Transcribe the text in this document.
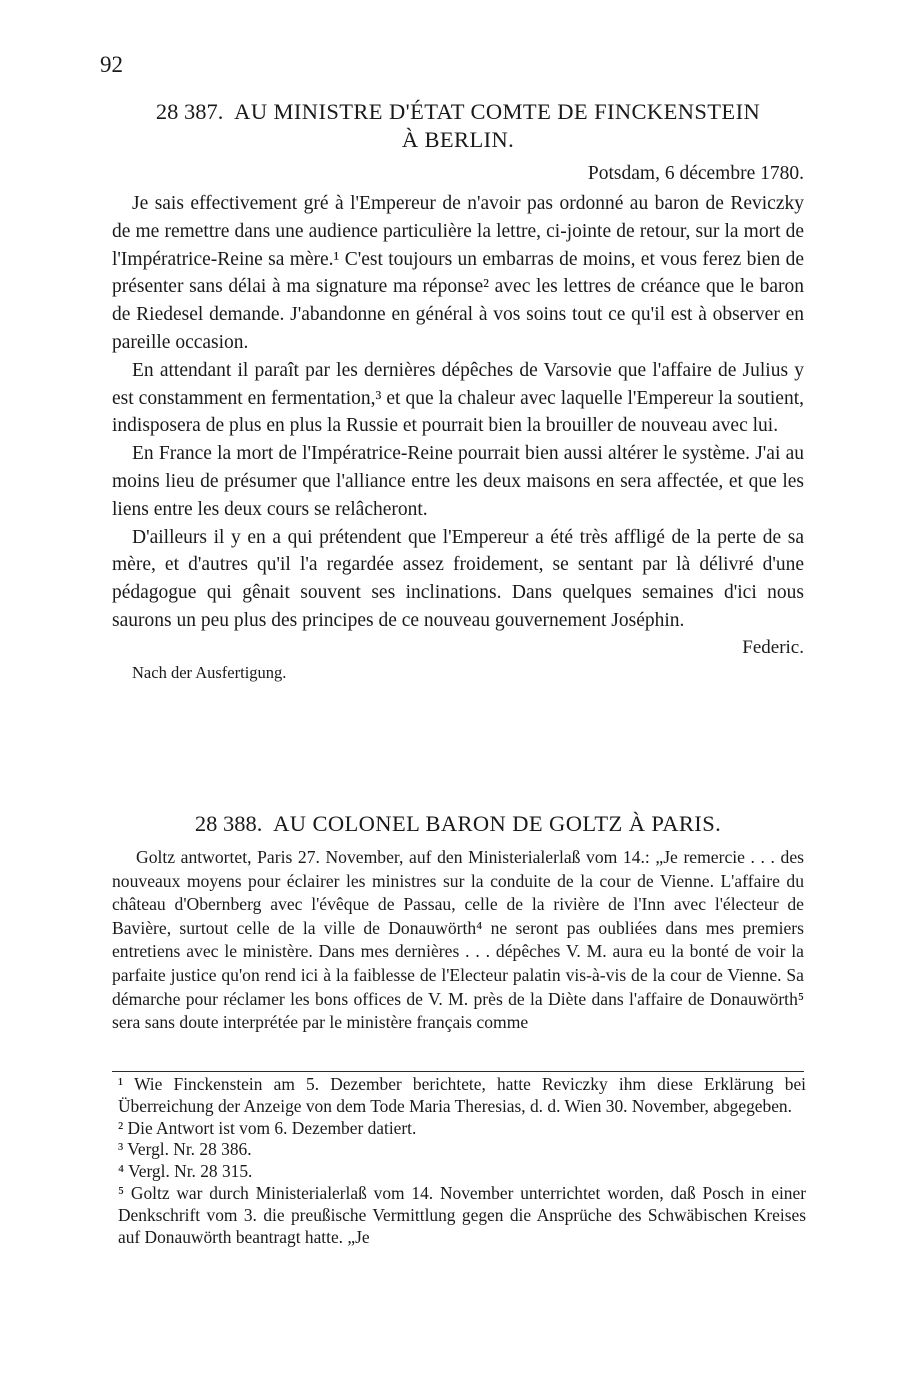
92
28 387. AU MINISTRE D'ÉTAT COMTE DE FINCKENSTEIN
À BERLIN.
Potsdam, 6 décembre 1780.

Je sais effectivement gré à l'Empereur de n'avoir pas ordonné au baron de Reviczky de me remettre dans une audience particulière la lettre, ci-jointe de retour, sur la mort de l'Impératrice-Reine sa mère.¹ C'est toujours un embarras de moins, et vous ferez bien de présenter sans délai à ma signature ma réponse² avec les lettres de créance que le baron de Riedesel demande. J'abandonne en général à vos soins tout ce qu'il est à observer en pareille occasion.

En attendant il paraît par les dernières dépêches de Varsovie que l'affaire de Julius y est constamment en fermentation,³ et que la chaleur avec laquelle l'Empereur la soutient, indisposera de plus en plus la Russie et pourrait bien la brouiller de nouveau avec lui.

En France la mort de l'Impératrice-Reine pourrait bien aussi altérer le système. J'ai au moins lieu de présumer que l'alliance entre les deux maisons en sera affectée, et que les liens entre les deux cours se relâcheront.

D'ailleurs il y en a qui prétendent que l'Empereur a été très affligé de la perte de sa mère, et d'autres qu'il l'a regardée assez froidement, se sentant par là délivré d'une pédagogue qui gênait souvent ses inclinations. Dans quelques semaines d'ici nous saurons un peu plus des principes de ce nouveau gouvernement Joséphin.

Federic.
Nach der Ausfertigung.
28 388. AU COLONEL BARON DE GOLTZ À PARIS.

Goltz antwortet, Paris 27. November, auf den Ministerialerlaß vom 14.: „Je remercie . . . des nouveaux moyens pour éclairer les ministres sur la conduite de la cour de Vienne. L'affaire du château d'Obernberg avec l'évêque de Passau, celle de la rivière de l'Inn avec l'électeur de Bavière, surtout celle de la ville de Donauwörth⁴ ne seront pas oubliées dans mes premiers entretiens avec le ministère. Dans mes dernières . . . dépêches V. M. aura eu la bonté de voir la parfaite justice qu'on rend ici à la faiblesse de l'Electeur palatin vis-à-vis de la cour de Vienne. Sa démarche pour réclamer les bons offices de V. M. près de la Diète dans l'affaire de Donauwörth⁵ sera sans doute interprétée par le ministère français comme

¹ Wie Finckenstein am 5. Dezember berichtete, hatte Reviczky ihm diese Erklärung bei Überreichung der Anzeige von dem Tode Maria Theresias, d. d. Wien 30. November, abgegeben.

² Die Antwort ist vom 6. Dezember datiert.

³ Vergl. Nr. 28 386.

⁴ Vergl. Nr. 28 315.

⁵ Goltz war durch Ministerialerlaß vom 14. November unterrichtet worden, daß Posch in einer Denkschrift vom 3. die preußische Vermittlung gegen die Ansprüche des Schwäbischen Kreises auf Donauwörth beantragt hatte. „Je
